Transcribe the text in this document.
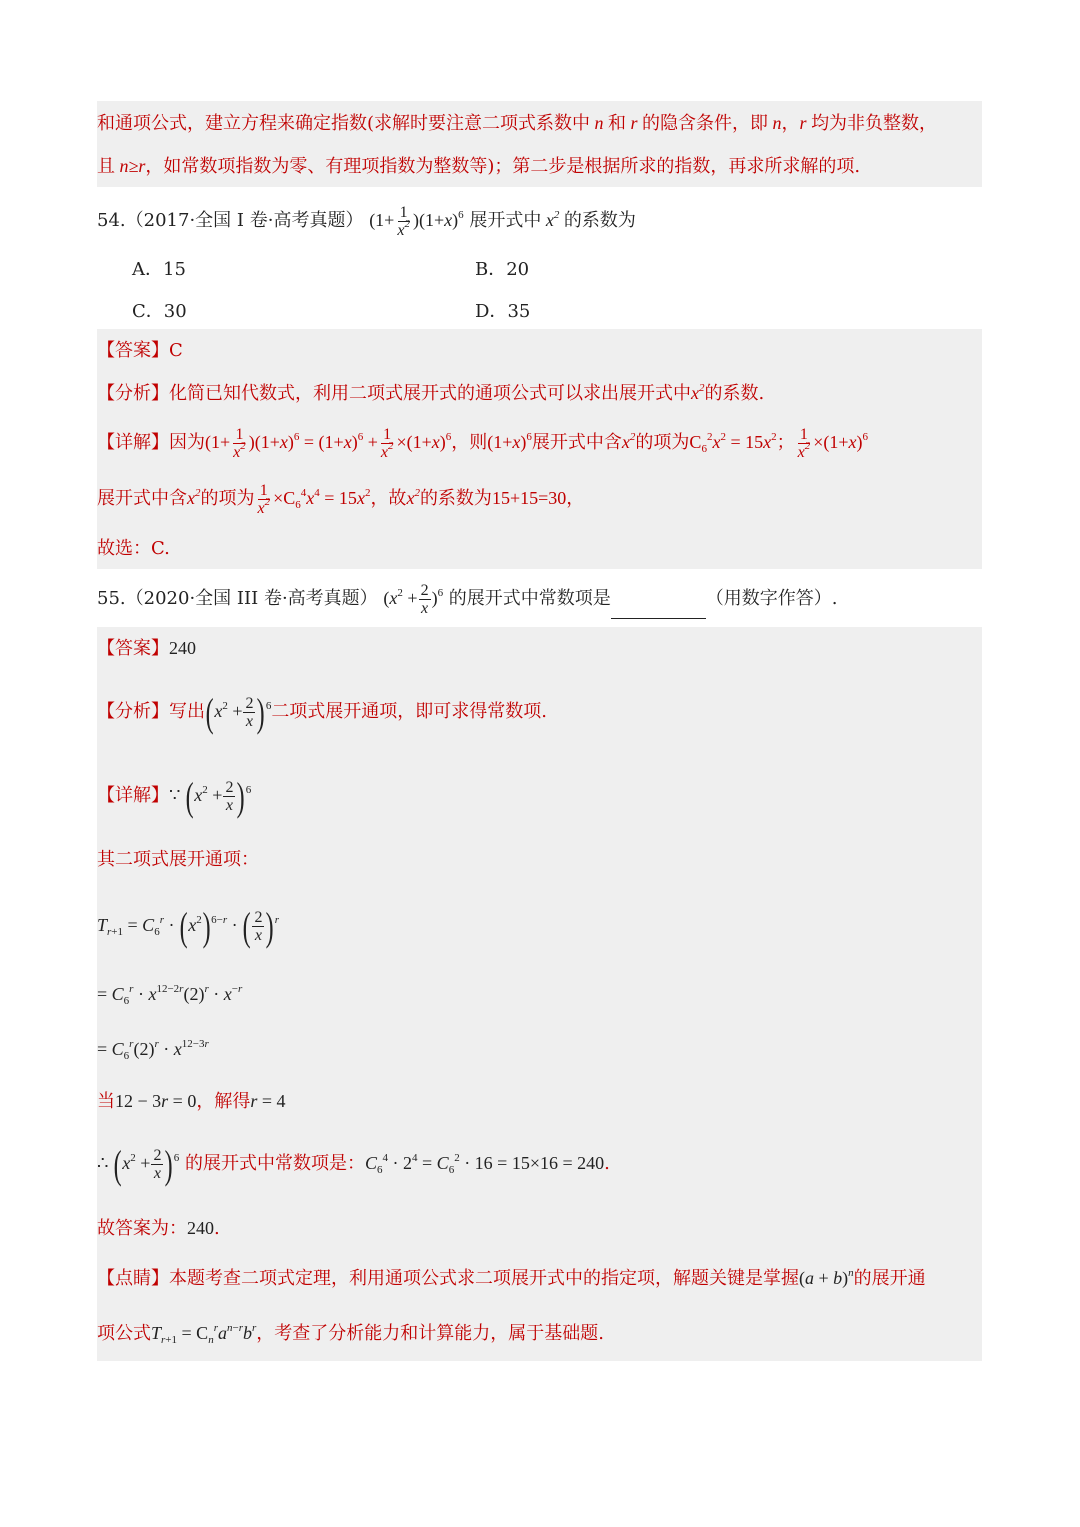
和通项公式，建立方程来确定指数(求解时要注意二项式系数中 n 和 r 的隐含条件，即 n，r 均为非负整数，
且 n≥r，如常数项指数为零、有理项指数为整数等)；第二步是根据所求的指数，再求所求解的项.
54.（2017·全国 I 卷·高考真题） $(1+ \frac{1}{x^2} )(1+x)^6$ 展开式中 $x^2$ 的系数为
A．15	B．20
C．30	D．35
【答案】C
【分析】化简已知代数式，利用二项式展开式的通项公式可以求出展开式中$x^2$的系数.
【详解】因为$(1+ \frac{1}{x^2} )(1+x)^6 = (1+x)^6 + \frac{1}{x^2} \times(1+x)^6$，则$(1+x)^6$展开式中含$x^2$的项为$C_6^2x^2 = 15x^2$； $\frac{1}{x^2} \times(1+x)^6$
展开式中含$x^2$的项为 $\frac{1}{x^2} \times C_6^4x^4 = 15x^2$，故$x^2$的系数为15+15=30，
故选：C.
55.（2020·全国 III 卷·高考真题） $(x^2 + \frac{2}{x} )^6$ 的展开式中常数项是	（用数字作答）.
【答案】240
【分析】写出$(x^2 + \frac{2}{x} )^6$二项式展开通项，即可求得常数项.
【详解】∵ $(x^2 + \frac{2}{x} )^6$
其二项式展开通项：
$T_{r+1} = C_6^r \cdot (x^2)^{6-r}$ · ( $\frac{2}{x} )^r$
= $C_6^r \cdot x^{12-2r}(2)^r \cdot x^{-r}$
= $C_6^r(2)^r \cdot x^{12-3r}$
当12 − 3r = 0，解得r = 4
∴ $(x^2 + \frac{2}{x} )^6$ 的展开式中常数项是：$C_6^4 \cdot 2^4 = C_6^2 \cdot 16 = 15\times 16 = 240$.
故答案为：240.
【点睛】本题考查二项式定理，利用通项公式求二项展开式中的指定项，解题关键是掌握$(a + b)^n$的展开通
项公式$T_{r+1} = C_n^ra^{n-r}b^r$，考查了分析能力和计算能力，属于基础题.
